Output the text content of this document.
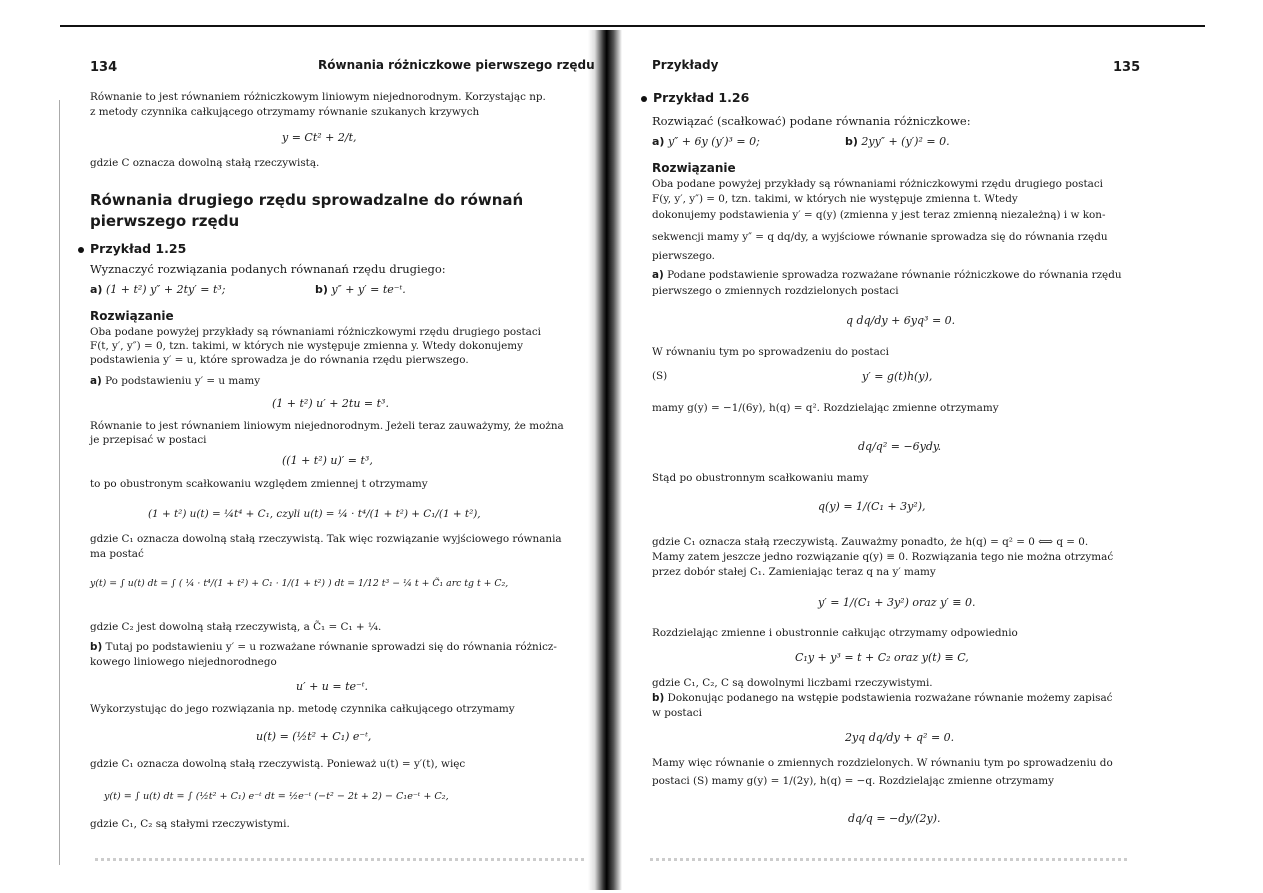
134	Równania różniczkowe pierwszego rzędu
Równanie to jest równaniem różniczkowym liniowym niejednorodnym. Korzystając np.
z metody czynnika całkującego otrzymamy równanie szukanych krzywych
y = Ct² + 2/t,
gdzie C oznacza dowolną stałą rzeczywistą.
Równania drugiego rzędu sprowadzalne do równań
pierwszego rzędu
Przykład 1.25
Wyznaczyć rozwiązania podanych równanań rzędu drugiego:
a) (1 + t²) y″ + 2ty′ = t³;	b) y″ + y′ = te⁻ᵗ.
Rozwiązanie
Oba podane powyżej przykłady są równaniami różniczkowymi rzędu drugiego postaci
F(t, y′, y″) = 0, tzn. takimi, w których nie występuje zmienna y. Wtedy dokonujemy
podstawienia y′ = u, które sprowadza je do równania rzędu pierwszego.
a) Po podstawieniu y′ = u mamy
(1 + t²) u′ + 2tu = t³.
Równanie to jest równaniem liniowym niejednorodnym. Jeżeli teraz zauważymy, że można
je przepisać w postaci
((1 + t²) u)′ = t³,
to po obustronym scałkowaniu względem zmiennej t otrzymamy
(1 + t²) u(t) = ¼t⁴ + C₁, czyli u(t) = ¼ · t⁴/(1 + t²) + C₁/(1 + t²),
gdzie C₁ oznacza dowolną stałą rzeczywistą. Tak więc rozwiązanie wyjściowego równania
ma postać
y(t) = ∫ u(t) dt = ∫ ( ¼ · t⁴/(1 + t²) + C₁ · 1/(1 + t²) ) dt = 1/12 t³ − ¼ t + C̃₁ arc tg t + C₂,
gdzie C₂ jest dowolną stałą rzeczywistą, a C̃₁ = C₁ + ¼.
b) Tutaj po podstawieniu y′ = u rozważane równanie sprowadzi się do równania różnicz-
kowego liniowego niejednorodnego
u′ + u = te⁻ᵗ.
Wykorzystując do jego rozwiązania np. metodę czynnika całkującego otrzymamy
u(t) = (½t² + C₁) e⁻ᵗ,
gdzie C₁ oznacza dowolną stałą rzeczywistą. Ponieważ u(t) = y′(t), więc
y(t) = ∫ u(t) dt = ∫ (½t² + C₁) e⁻ᵗ dt = ½e⁻ᵗ (−t² − 2t + 2) − C₁e⁻ᵗ + C₂,
gdzie C₁, C₂ są stałymi rzeczywistymi.
Przykłady	135
Przykład 1.26
Rozwiązać (scałkować) podane równania różniczkowe:
a) y″ + 6y (y′)³ = 0;	b) 2yy″ + (y′)² = 0.
Rozwiązanie
Oba podane powyżej przykłady są równaniami różniczkowymi rzędu drugiego postaci
F(y, y′, y″) = 0, tzn. takimi, w których nie występuje zmienna t. Wtedy
dokonujemy podstawienia y′ = q(y) (zmienna y jest teraz zmienną niezależną) i w kon-
sekwencji mamy y″ = q dq/dy, a wyjściowe równanie sprowadza się do równania rzędu
pierwszego.
a) Podane podstawienie sprowadza rozważane równanie różniczkowe do równania rzędu
pierwszego o zmiennych rozdzielonych postaci
q dq/dy + 6yq³ = 0.
W równaniu tym po sprowadzeniu do postaci
(S)	y′ = g(t)h(y),
mamy g(y) = −1/(6y), h(q) = q². Rozdzielając zmienne otrzymamy
dq/q² = −6ydy.
Stąd po obustronnym scałkowaniu mamy
q(y) = 1/(C₁ + 3y²),
gdzie C₁ oznacza stałą rzeczywistą. Zauważmy ponadto, że h(q) = q² = 0 ⟺ q = 0.
Mamy zatem jeszcze jedno rozwiązanie q(y) ≡ 0. Rozwiązania tego nie można otrzymać
przez dobór stałej C₁. Zamieniając teraz q na y′ mamy
y′ = 1/(C₁ + 3y²) oraz y′ ≡ 0.
Rozdzielając zmienne i obustronnie całkując otrzymamy odpowiednio
C₁y + y³ = t + C₂ oraz y(t) ≡ C,
gdzie C₁, C₂, C są dowolnymi liczbami rzeczywistymi.
b) Dokonując podanego na wstępie podstawienia rozważane równanie możemy zapisać
w postaci
2yq dq/dy + q² = 0.
Mamy więc równanie o zmiennych rozdzielonych. W równaniu tym po sprowadzeniu do
postaci (S) mamy g(y) = 1/(2y), h(q) = −q. Rozdzielając zmienne otrzymamy
dq/q = −dy/(2y).
